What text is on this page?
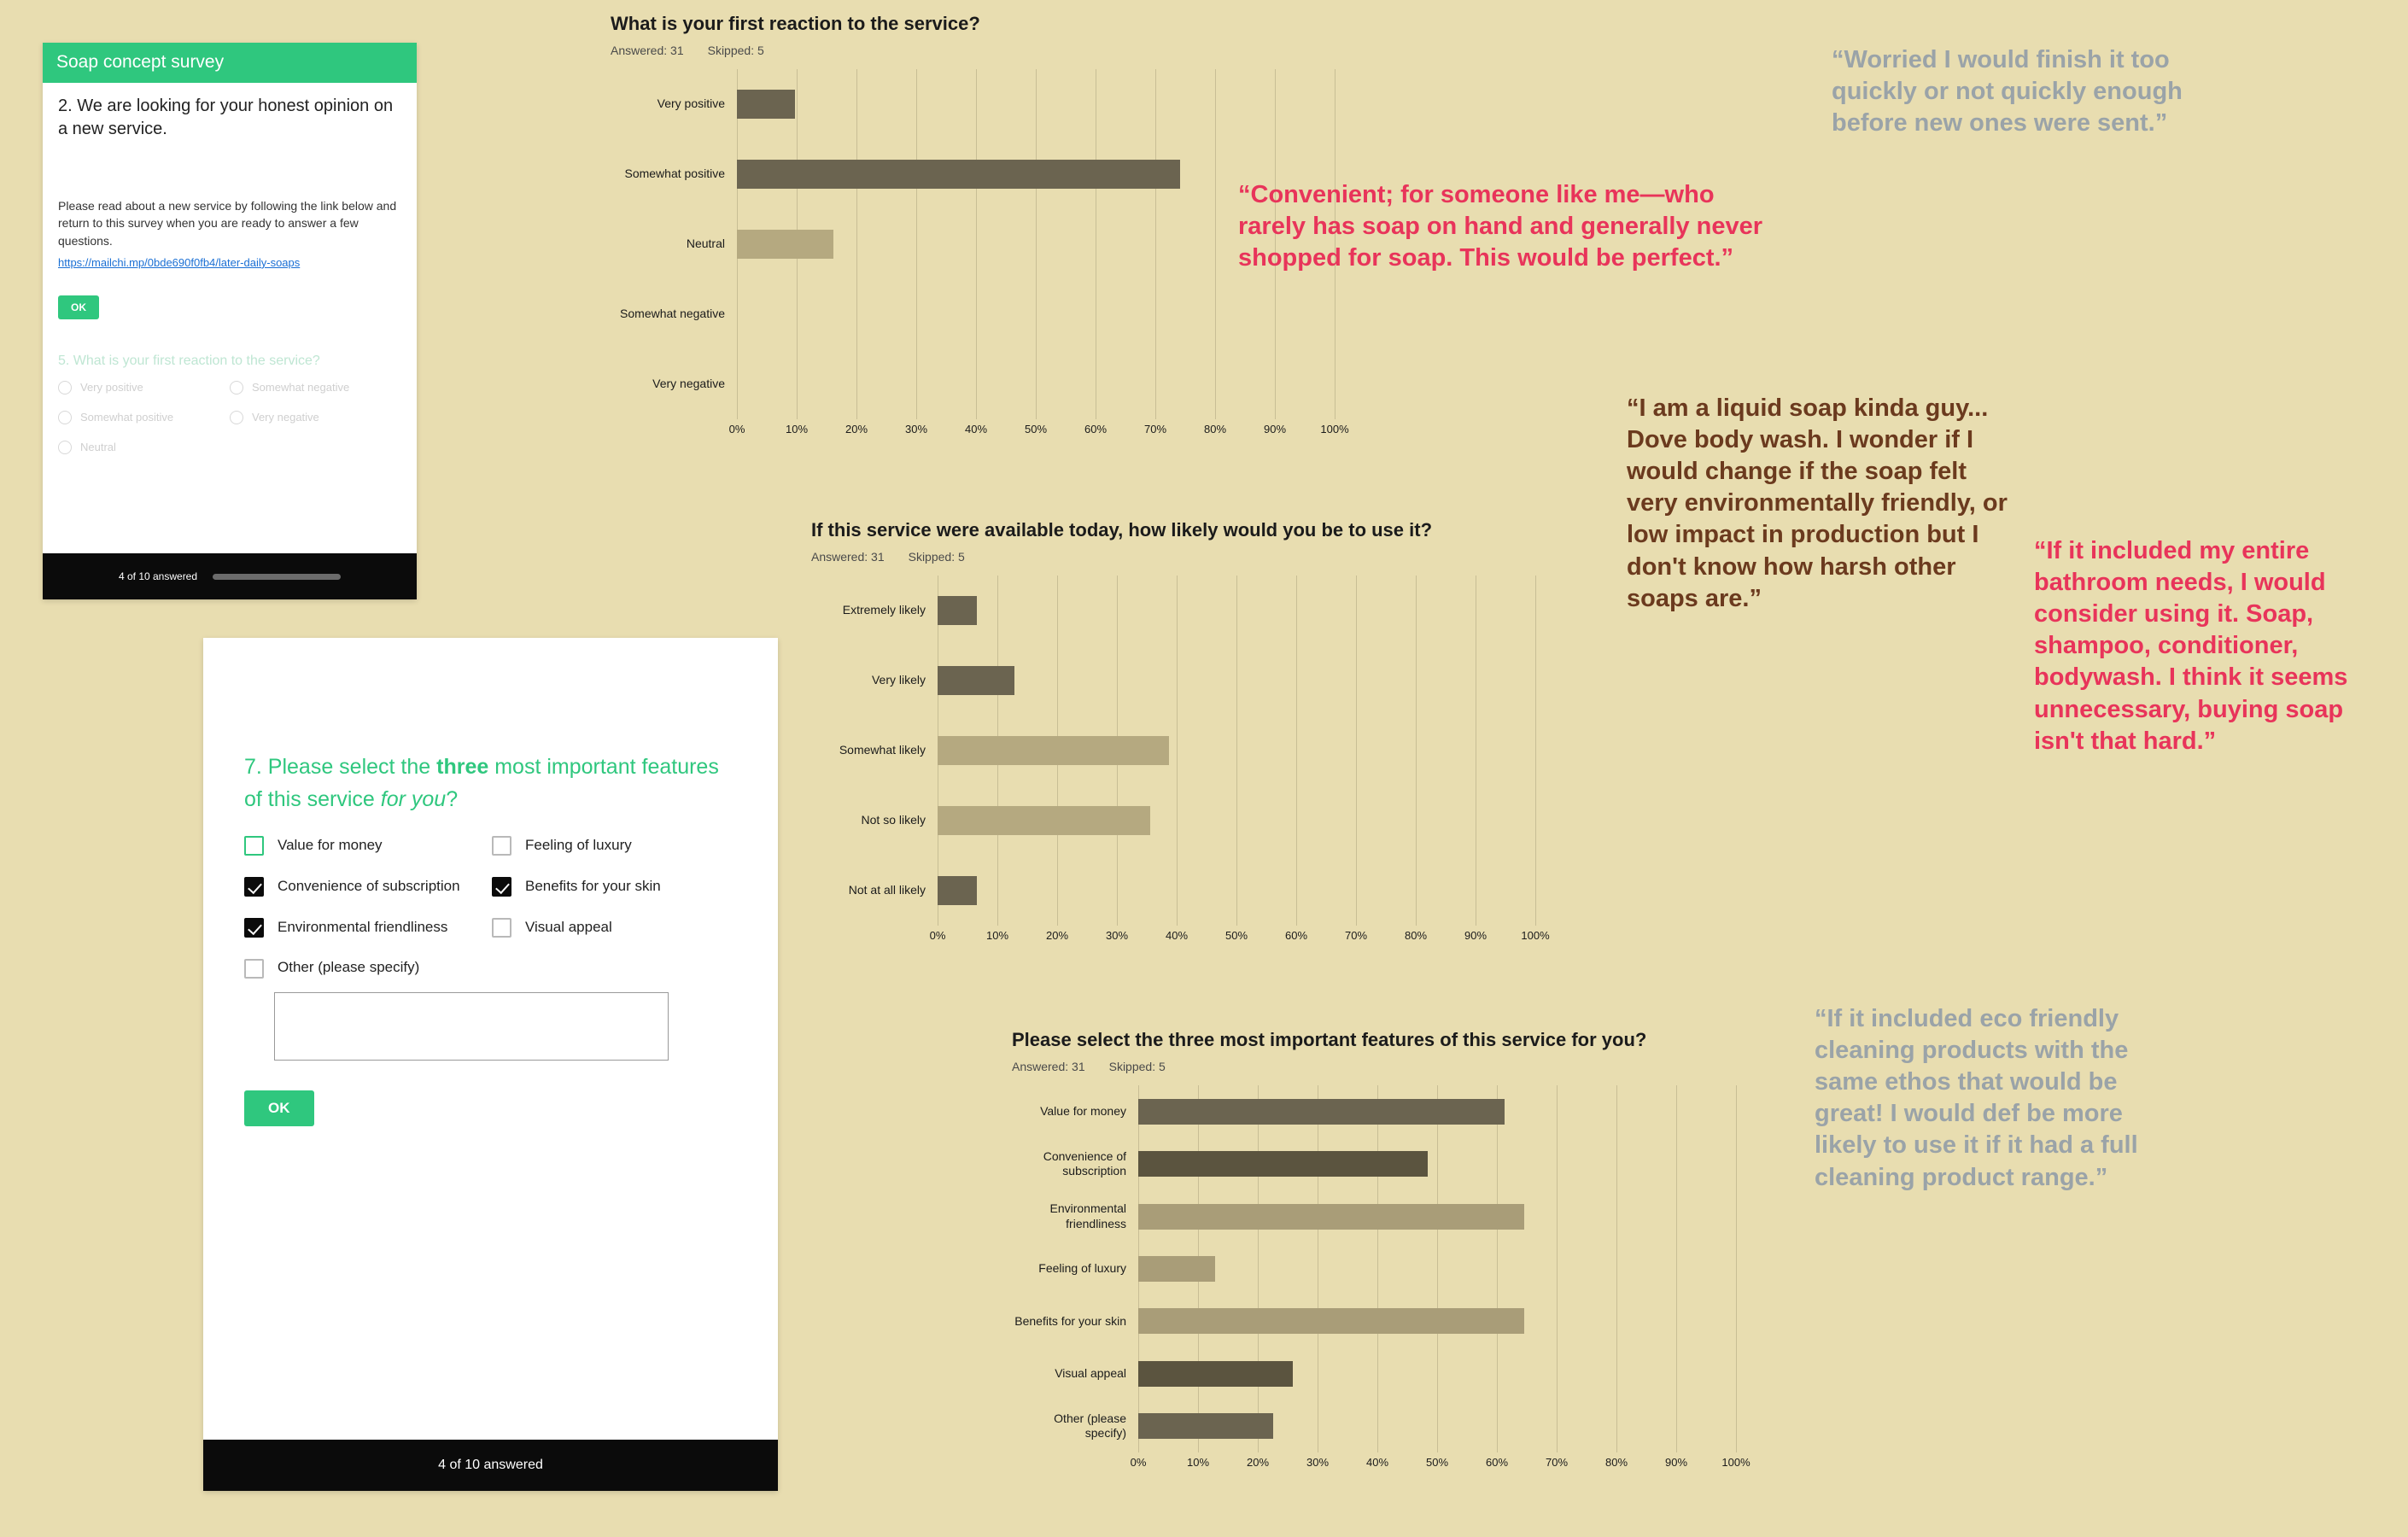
Soap concept survey
2. We are looking for your honest opinion on a new service.
Please read about a new service by following the link below and return to this survey when you are ready to answer a few questions.
https://mailchi.mp/0bde690f0fb4/later-daily-soaps
OK
5. What is your first reaction to the service?
Very positive	Somewhat negative
Somewhat positive	Very negative
Neutral
4 of 10 answered
7. Please select the three most important features of this service for you?
Value for money	Feeling of luxury
Convenience of subscription	Benefits for your skin
Environmental friendliness	Visual appeal
Other (please specify)
OK
4 of 10 answered
What is your first reaction to the service?
Answered: 31 Skipped: 5
Very positive
Somewhat positive
Neutral
Somewhat negative
Very negative
0%	10%	20%	30%	40%	50%	60%	70%	80%	90%	100%
If this service were available today, how likely would you be to use it?
Answered: 31 Skipped: 5
Extremely likely
Very likely
Somewhat likely
Not so likely
Not at all likely
0%	10%	20%	30%	40%	50%	60%	70%	80%	90%	100%
Please select the three most important features of this service for you?
Answered: 31 Skipped: 5
Value for money
Convenience of subscription
Environmental friendliness
Feeling of luxury
Benefits for your skin
Visual appeal
Other (please specify)
0%	10%	20%	30%	40%	50%	60%	70%	80%	90%	100%
“Convenient; for someone like me—who rarely has soap on hand and generally never shopped for soap. This would be perfect.”
“Worried I would finish it too quickly or not quickly enough before new ones were sent.”
“I am a liquid soap kinda guy... Dove body wash. I wonder if I would change if the soap felt very environmentally friendly, or low impact in production but I don't know how harsh other soaps are.”
“If it included my entire bathroom needs, I would consider using it. Soap, shampoo, conditioner, bodywash. I think it seems unnecessary, buying soap isn't that hard.”
“If it included eco friendly cleaning products with the same ethos that would be great! I would def be more likely to use it if it had a full cleaning product range.”
